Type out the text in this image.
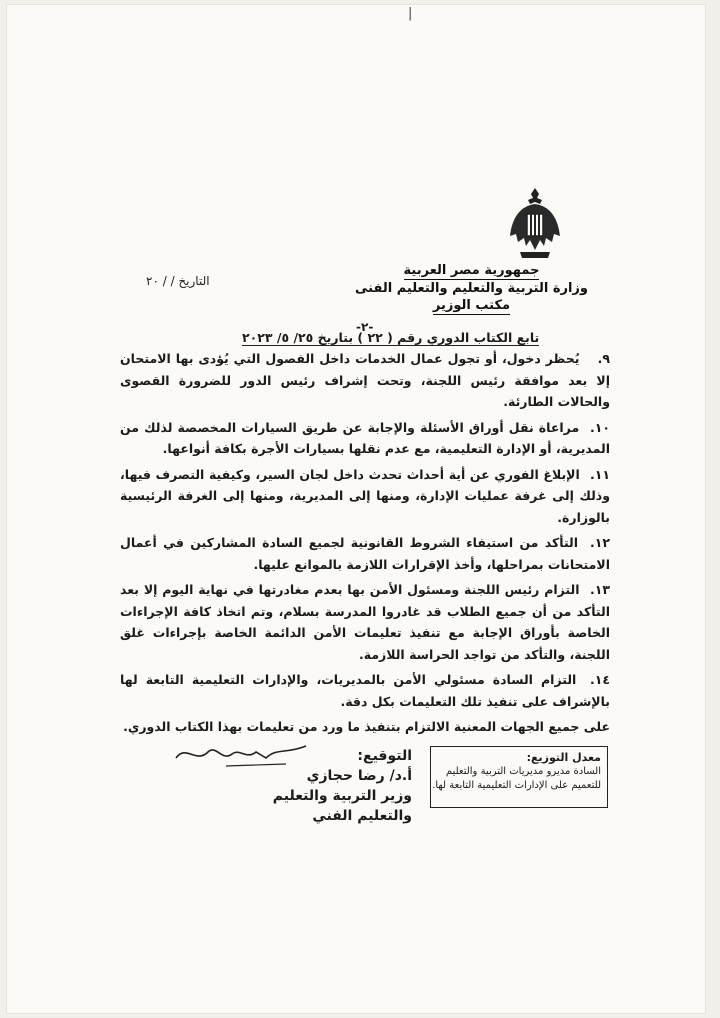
|
جمهورية مصر العربية
وزارة التربية والتعليم والتعليم الفنى
مكتب الوزير
التاريخ / / ٢٠
-٢-
تابع الكتاب الدوري رقم ( ٢٢ ) بتاريخ ٢٥/ ٥/ ٢٠٢٣
٩. يُحظر دخول، أو تجول عمال الخدمات داخل الفصول التي يُؤدى بها الامتحان إلا بعد موافقة رئيس اللجنة، وتحت إشراف رئيس الدور للضرورة القصوى والحالات الطارئة.
١٠. مراعاة نقل أوراق الأسئلة والإجابة عن طريق السيارات المخصصة لذلك من المديرية، أو الإدارة التعليمية، مع عدم نقلها بسيارات الأجرة بكافة أنواعها.
١١. الإبلاغ الفوري عن أية أحداث تحدث داخل لجان السير، وكيفية التصرف فيها، وذلك إلى غرفة عمليات الإدارة، ومنها إلى المديرية، ومنها إلى الغرفة الرئيسية بالوزارة.
١٢. التأكد من استيفاء الشروط القانونية لجميع السادة المشاركين في أعمال الامتحانات بمراحلها، وأخذ الإقرارات اللازمة بالموانع عليها.
١٣. التزام رئيس اللجنة ومسئول الأمن بها بعدم مغادرتها في نهاية اليوم إلا بعد التأكد من أن جميع الطلاب قد غادروا المدرسة بسلام، وتم اتخاذ كافة الإجراءات الخاصة بأوراق الإجابة مع تنفيذ تعليمات الأمن الدائمة الخاصة بإجراءات غلق اللجنة، والتأكد من تواجد الحراسة اللازمة.
١٤. التزام السادة مسئولي الأمن بالمديريات، والإدارات التعليمية التابعة لها بالإشراف على تنفيذ تلك التعليمات بكل دقة.
على جميع الجهات المعنية الالتزام بتنفيذ ما ورد من تعليمات بهذا الكتاب الدوري.
التوقيع:
أ.د/ رضا حجازي
وزير التربية والتعليم
والتعليم الفني
معدل التوزيع:
السادة مديرو مديريات التربية والتعليم
للتعميم على الإدارات التعليمية التابعة لها.
